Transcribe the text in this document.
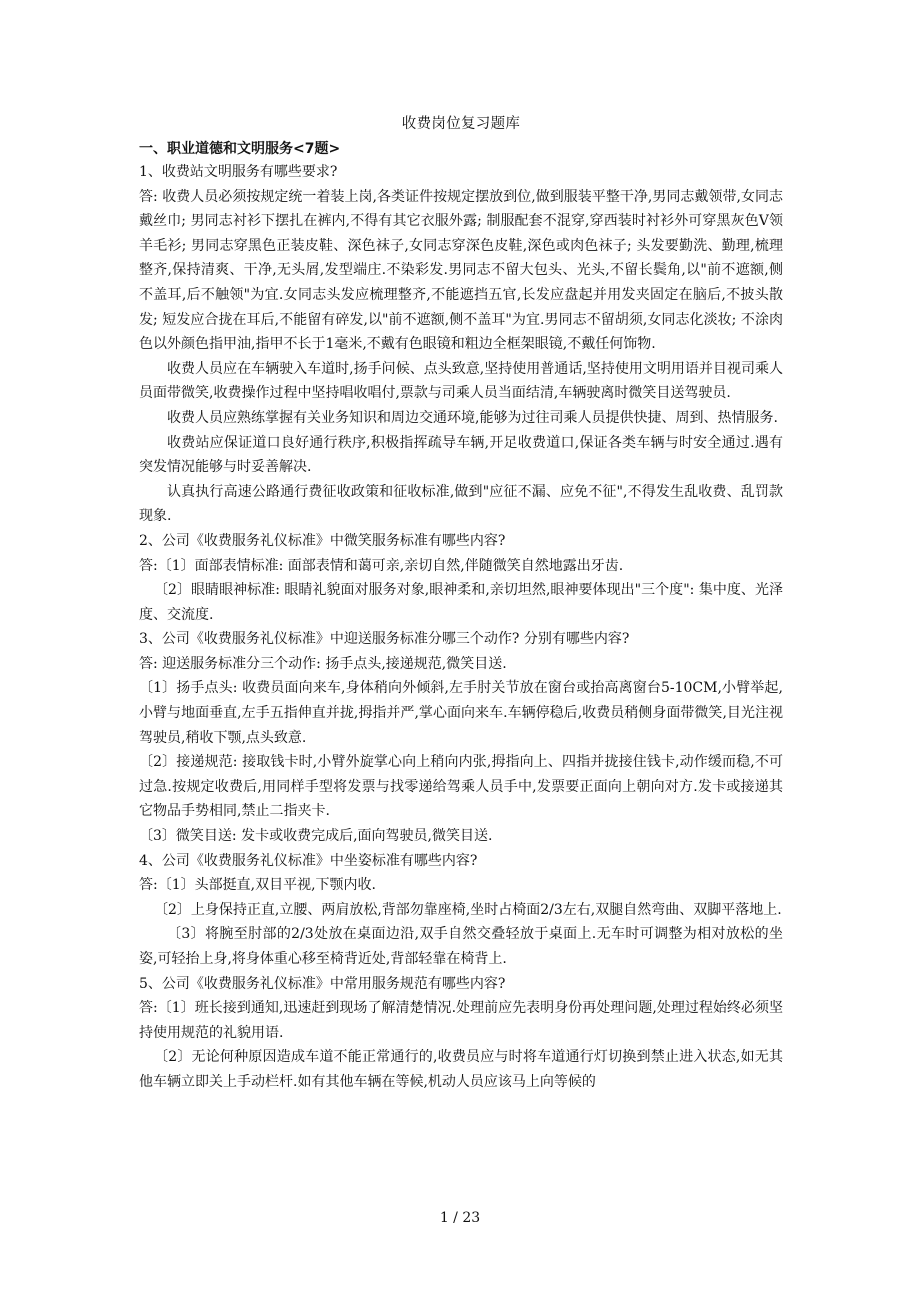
收费岗位复习题库
一、职业道德和文明服务<7题>

1、收费站文明服务有哪些要求?

答: 收费人员必须按规定统一着装上岗,各类证件按规定摆放到位,做到服装平整干净,男同志戴领带,女同志戴丝巾; 男同志衬衫下摆扎在裤内,不得有其它衣服外露; 制服配套不混穿,穿西装时衬衫外可穿黑灰色V领羊毛衫; 男同志穿黑色正装皮鞋、深色袜子,女同志穿深色皮鞋,深色或肉色袜子; 头发要勤洗、勤理,梳理整齐,保持清爽、干净,无头屑,发型端庄.不染彩发.男同志不留大包头、光头,不留长鬓角,以"前不遮额,侧不盖耳,后不触领"为宜.女同志头发应梳理整齐,不能遮挡五官,长发应盘起并用发夹固定在脑后,不披头散发; 短发应合拢在耳后,不能留有碎发,以"前不遮额,侧不盖耳"为宜.男同志不留胡须,女同志化淡妆; 不涂肉色以外颜色指甲油,指甲不长于1毫米,不戴有色眼镜和粗边全框架眼镜,不戴任何饰物.

收费人员应在车辆驶入车道时,扬手问候、点头致意,坚持使用普通话,坚持使用文明用语并目视司乘人员面带微笑,收费操作过程中坚持唱收唱付,票款与司乘人员当面结清,车辆驶离时微笑目送驾驶员.

收费人员应熟练掌握有关业务知识和周边交通环境,能够为过往司乘人员提供快捷、周到、热情服务.

收费站应保证道口良好通行秩序,积极指挥疏导车辆,开足收费道口,保证各类车辆与时安全通过.遇有突发情况能够与时妥善解决.

认真执行高速公路通行费征收政策和征收标准,做到"应征不漏、应免不征",不得发生乱收费、乱罚款现象.

2、公司《收费服务礼仪标准》中微笑服务标准有哪些内容?

答:〔1〕面部表情标准: 面部表情和蔼可亲,亲切自然,伴随微笑自然地露出牙齿.

〔2〕眼睛眼神标准: 眼睛礼貌面对服务对象,眼神柔和,亲切坦然,眼神要体现出"三个度": 集中度、光泽度、交流度.

3、公司《收费服务礼仪标准》中迎送服务标准分哪三个动作? 分别有哪些内容?

答: 迎送服务标准分三个动作: 扬手点头,接递规范,微笑目送.

〔1〕扬手点头: 收费员面向来车,身体稍向外倾斜,左手肘关节放在窗台或抬高离窗台5-10CM,小臂举起,小臂与地面垂直,左手五指伸直并拢,拇指并严,掌心面向来车.车辆停稳后,收费员稍侧身面带微笑,目光注视驾驶员,稍收下颚,点头致意.

〔2〕接递规范: 接取钱卡时,小臂外旋掌心向上稍向内张,拇指向上、四指并拢接住钱卡,动作缓而稳,不可过急.按规定收费后,用同样手型将发票与找零递给驾乘人员手中,发票要正面向上朝向对方.发卡或接递其它物品手势相同,禁止二指夹卡.

〔3〕微笑目送: 发卡或收费完成后,面向驾驶员,微笑目送.

4、公司《收费服务礼仪标准》中坐姿标准有哪些内容?

答:〔1〕头部挺直,双目平视,下颚内收.

〔2〕上身保持正直,立腰、两肩放松,背部勿靠座椅,坐时占椅面2/3左右,双腿自然弯曲、双脚平落地上.

〔3〕将腕至肘部的2/3处放在桌面边沿,双手自然交叠轻放于桌面上.无车时可调整为相对放松的坐姿,可轻抬上身,将身体重心移至椅背近处,背部轻靠在椅背上.

5、公司《收费服务礼仪标准》中常用服务规范有哪些内容?

答:〔1〕班长接到通知,迅速赶到现场了解清楚情况.处理前应先表明身份再处理问题,处理过程始终必须坚持使用规范的礼貌用语.

〔2〕无论何种原因造成车道不能正常通行的,收费员应与时将车道通行灯切换到禁止进入状态,如无其他车辆立即关上手动栏杆.如有其他车辆在等候,机动人员应该马上向等候的

1 / 23
